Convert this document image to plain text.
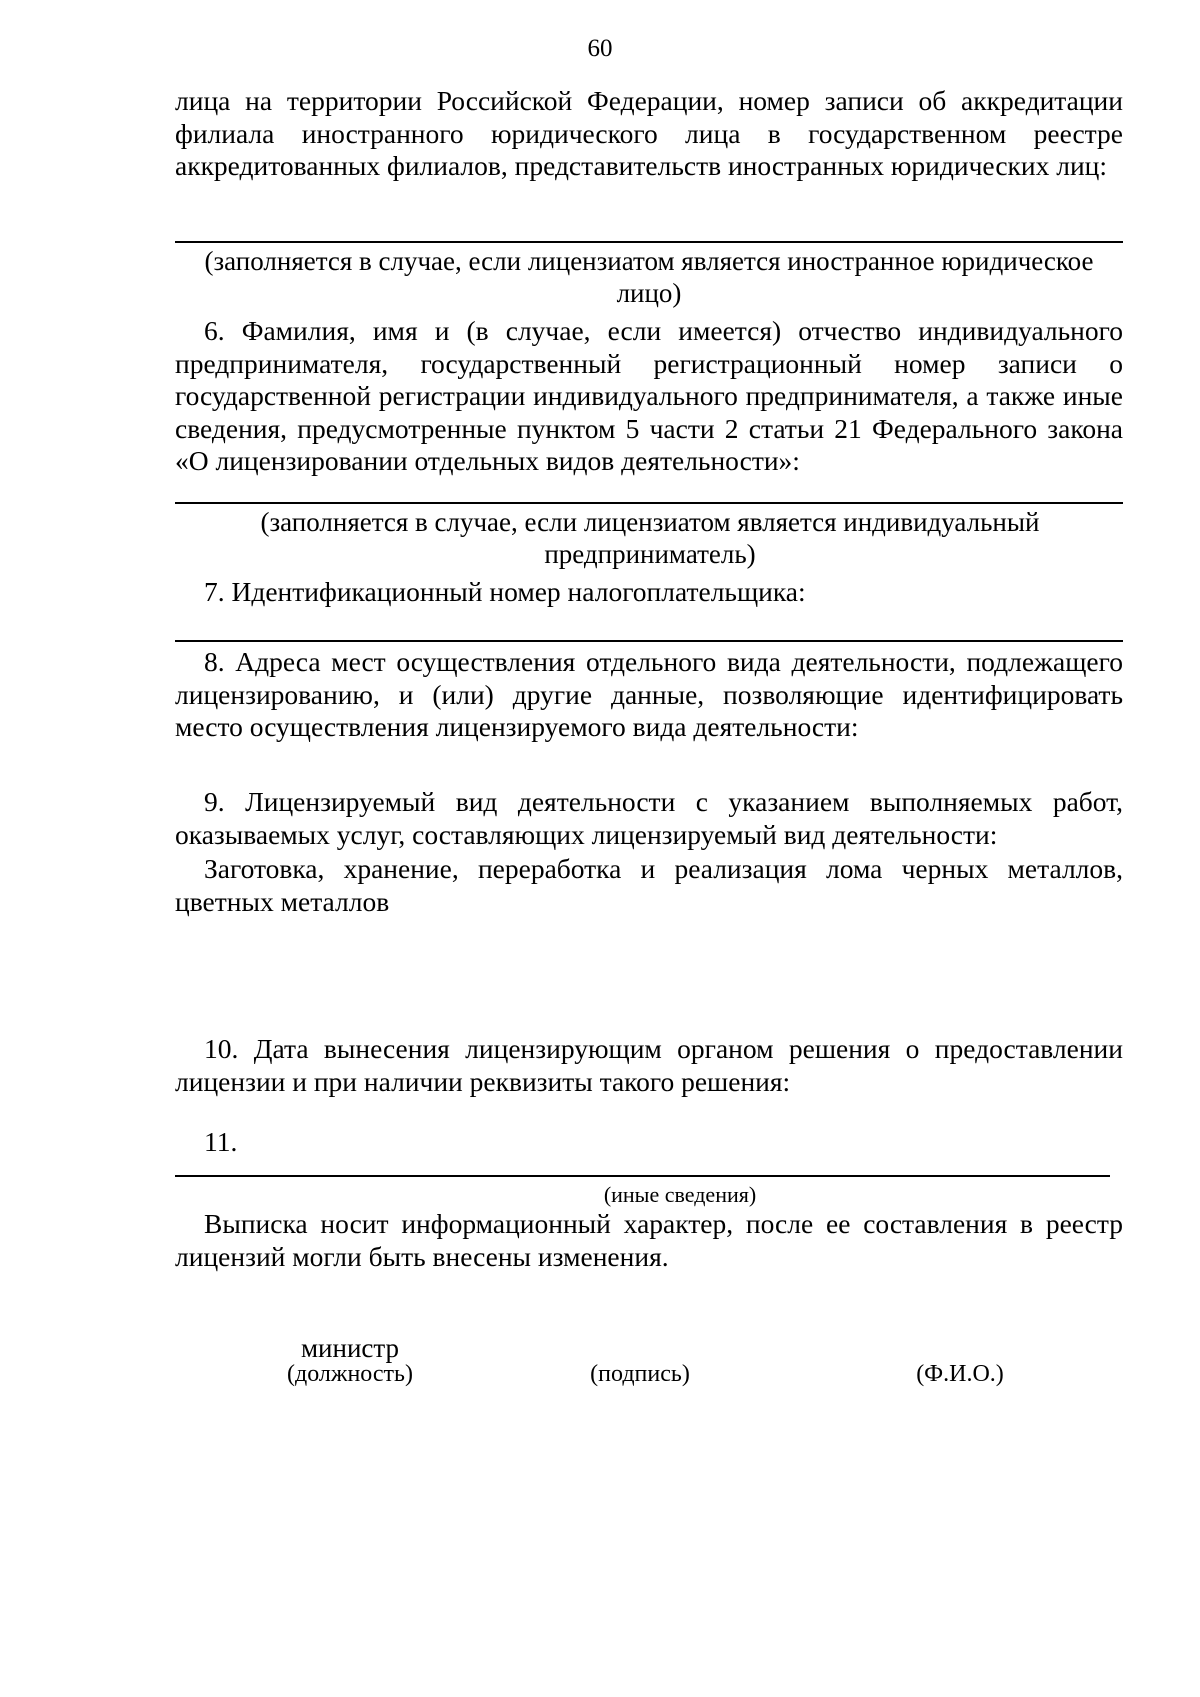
60

лица на территории Российской Федерации, номер записи об аккредитации филиала иностранного юридического лица в государственном реестре аккредитованных филиалов, представительств иностранных юридических лиц:

(заполняется в случае, если лицензиатом является иностранное юридическое лицо)

6. Фамилия, имя и (в случае, если имеется) отчество индивидуального предпринимателя, государственный регистрационный номер записи о государственной регистрации индивидуального предпринимателя, а также иные сведения, предусмотренные пунктом 5 части 2 статьи 21 Федерального закона «О лицензировании отдельных видов деятельности»:

(заполняется в случае, если лицензиатом является индивидуальный предприниматель)

7. Идентификационный номер налогоплательщика:

8. Адреса мест осуществления отдельного вида деятельности, подлежащего лицензированию, и (или) другие данные, позволяющие идентифицировать место осуществления лицензируемого вида деятельности:

9. Лицензируемый вид деятельности с указанием выполняемых работ, оказываемых услуг, составляющих лицензируемый вид деятельности:

Заготовка, хранение, переработка и реализация лома черных металлов, цветных металлов

10. Дата вынесения лицензирующим органом решения о предоставлении лицензии и при наличии реквизиты такого решения:

11.

(иные сведения)

Выписка носит информационный характер, после ее составления в реестр лицензий могли быть внесены изменения.

министр
(должность)	(подпись)	(Ф.И.О.)
